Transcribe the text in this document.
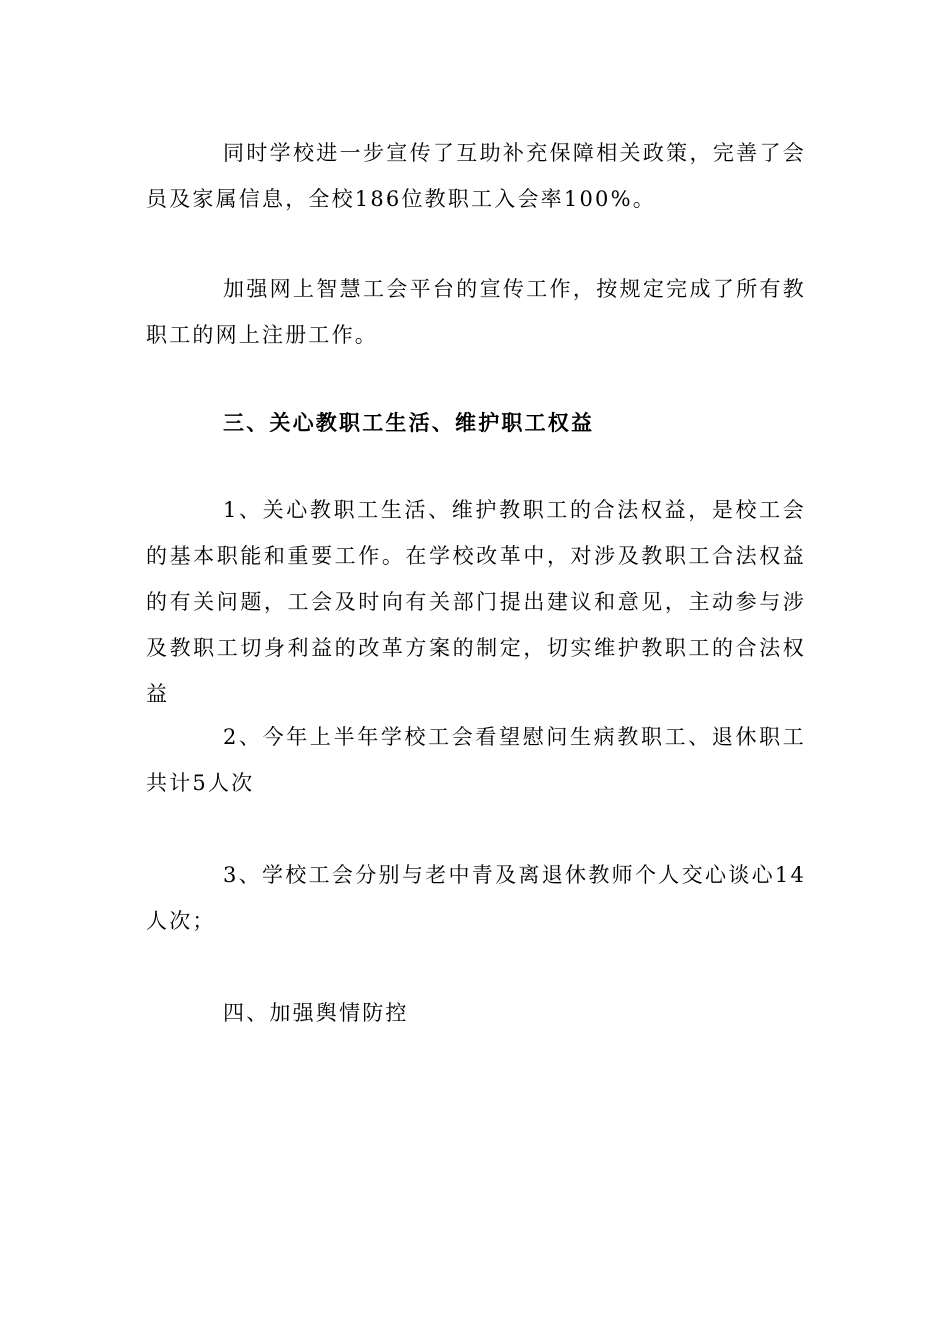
同时学校进一步宣传了互助补充保障相关政策，完善了会员及家属信息，全校186位教职工入会率100%。

加强网上智慧工会平台的宣传工作，按规定完成了所有教职工的网上注册工作。

三、关心教职工生活、维护职工权益

1、关心教职工生活、维护教职工的合法权益，是校工会的基本职能和重要工作。在学校改革中，对涉及教职工合法权益的有关问题，工会及时向有关部门提出建议和意见，主动参与涉及教职工切身利益的改革方案的制定，切实维护教职工的合法权益

2、今年上半年学校工会看望慰问生病教职工、退休职工共计5人次

3、学校工会分别与老中青及离退休教师个人交心谈心14人次；

四、加强舆情防控
